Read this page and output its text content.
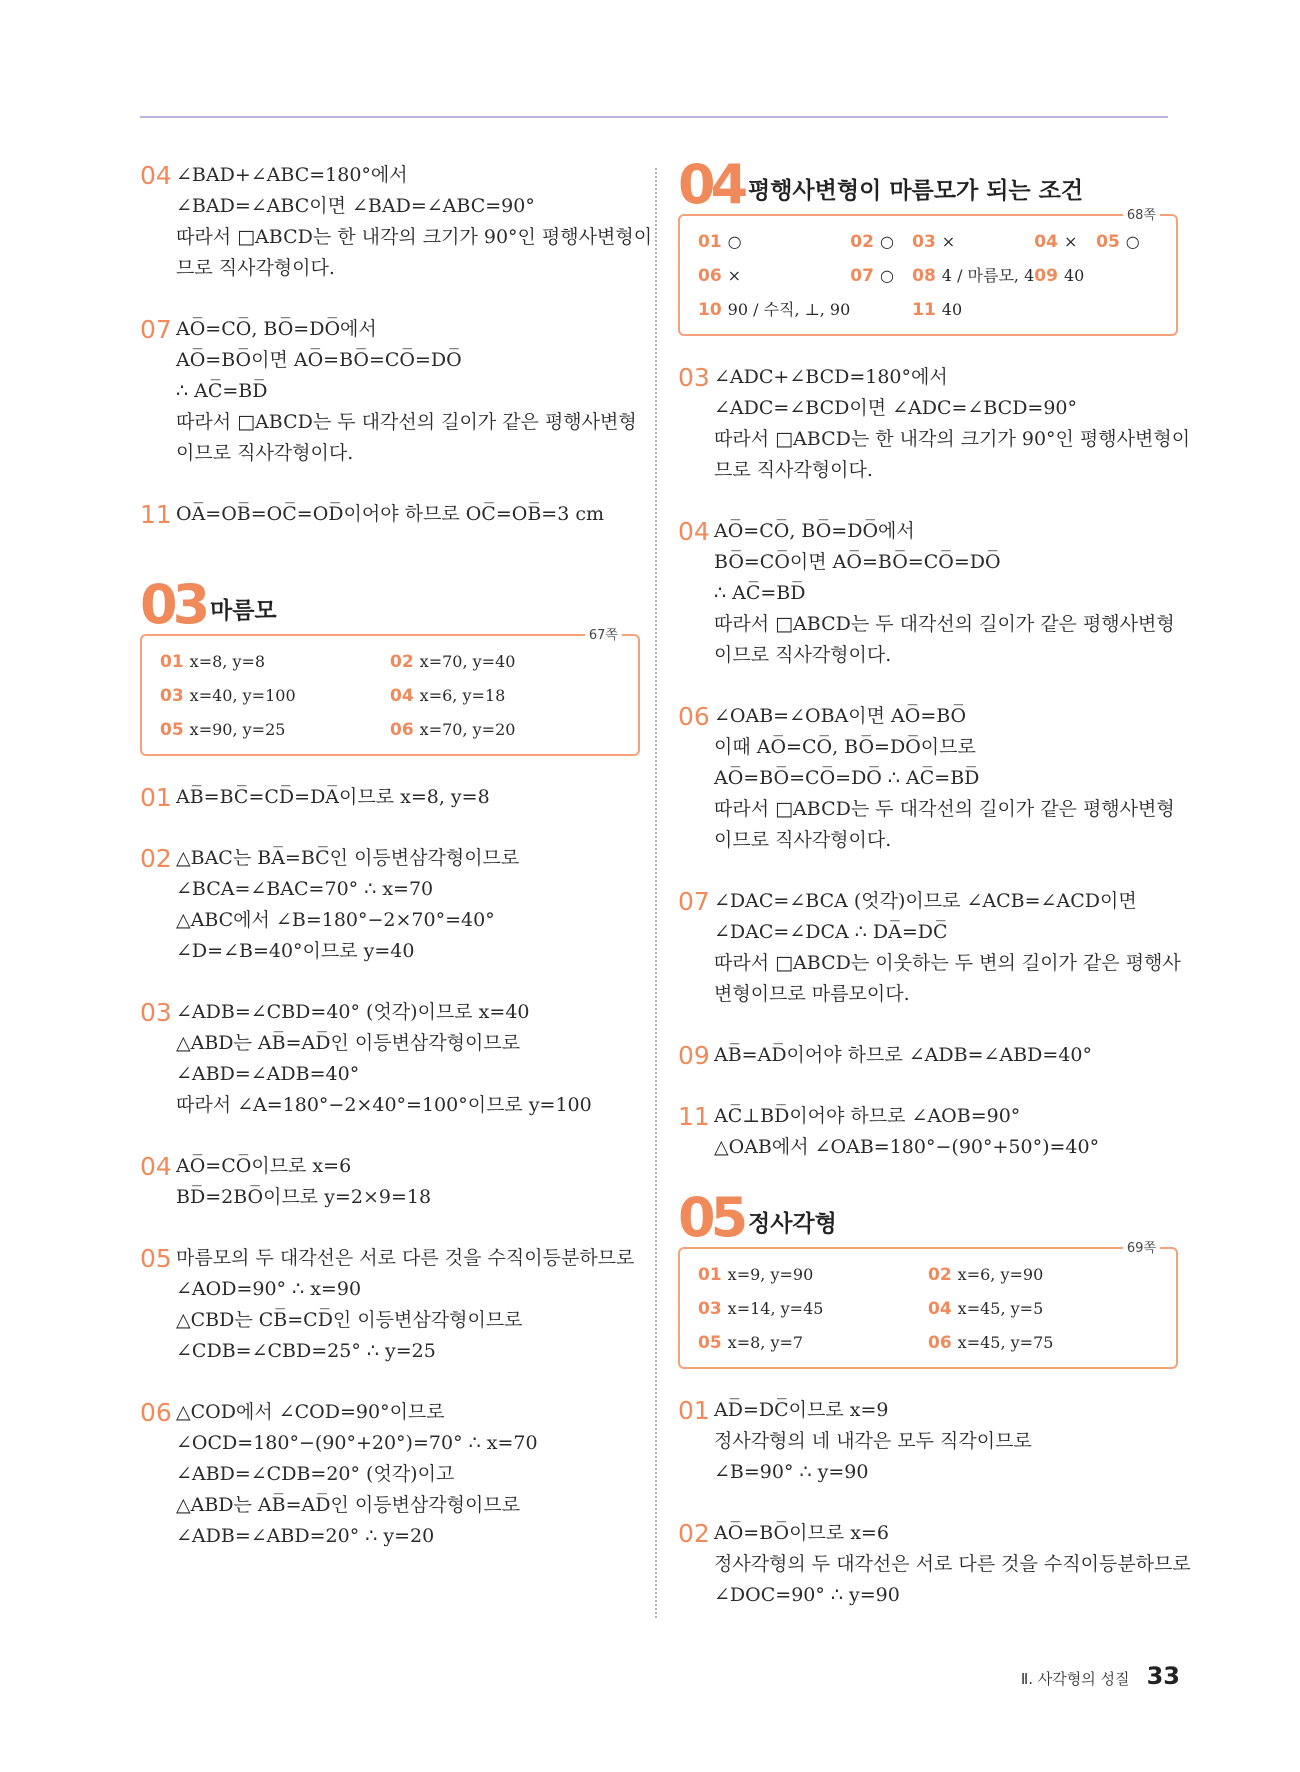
04 ∠BAD+∠ABC=180°에서
∠BAD=∠ABC이면 ∠BAD=∠ABC=90°
따라서 □ABCD는 한 내각의 크기가 90°인 평행사변형이
므로 직사각형이다.
07 AO̅=CO̅, BO̅=DO̅에서
AO̅=BO̅이면 AO̅=BO̅=CO̅=DO̅
∴ AC̅=BD̅
따라서 □ABCD는 두 대각선의 길이가 같은 평행사변형
이므로 직사각형이다.
11 OA̅=OB̅=OC̅=OD̅이어야 하므로 OC̅=OB̅=3 cm
03 마름모
67쪽
01 x=8, y=8	02 x=70, y=40
03 x=40, y=100	04 x=6, y=18
05 x=90, y=25	06 x=70, y=20
01 AB̅=BC̅=CD̅=DA̅이므로 x=8, y=8
02 △BAC는 BA̅=BC̅인 이등변삼각형이므로
∠BCA=∠BAC=70° ∴ x=70
△ABC에서 ∠B=180°−2×70°=40°
∠D=∠B=40°이므로 y=40
03 ∠ADB=∠CBD=40° (엇각)이므로 x=40
△ABD는 AB̅=AD̅인 이등변삼각형이므로
∠ABD=∠ADB=40°
따라서 ∠A=180°−2×40°=100°이므로 y=100
04 AO̅=CO̅이므로 x=6
BD̅=2BO̅이므로 y=2×9=18
05 마름모의 두 대각선은 서로 다른 것을 수직이등분하므로
∠AOD=90° ∴ x=90
△CBD는 CB̅=CD̅인 이등변삼각형이므로
∠CDB=∠CBD=25° ∴ y=25
06 △COD에서 ∠COD=90°이므로
∠OCD=180°−(90°+20°)=70° ∴ x=70
∠ABD=∠CDB=20° (엇각)이고
△ABD는 AB̅=AD̅인 이등변삼각형이므로
∠ADB=∠ABD=20° ∴ y=20
04 평행사변형이 마름모가 되는 조건
68쪽
01 ○	02 ○	03 ×	04 ×	05 ○
06 ×	07 ○	08 4 / 마름모, 4 09 40
10 90 / 수직, ⊥, 90	11 40
03 ∠ADC+∠BCD=180°에서
∠ADC=∠BCD이면 ∠ADC=∠BCD=90°
따라서 □ABCD는 한 내각의 크기가 90°인 평행사변형이
므로 직사각형이다.
04 AO̅=CO̅, BO̅=DO̅에서
BO̅=CO̅이면 AO̅=BO̅=CO̅=DO̅
∴ AC̅=BD̅
따라서 □ABCD는 두 대각선의 길이가 같은 평행사변형
이므로 직사각형이다.
06 ∠OAB=∠OBA이면 AO̅=BO̅
이때 AO̅=CO̅, BO̅=DO̅이므로
AO̅=BO̅=CO̅=DO̅ ∴ AC̅=BD̅
따라서 □ABCD는 두 대각선의 길이가 같은 평행사변형
이므로 직사각형이다.
07 ∠DAC=∠BCA (엇각)이므로 ∠ACB=∠ACD이면
∠DAC=∠DCA ∴ DA̅=DC̅
따라서 □ABCD는 이웃하는 두 변의 길이가 같은 평행사
변형이므로 마름모이다.
09 AB̅=AD̅이어야 하므로 ∠ADB=∠ABD=40°
11 AC̅⊥BD̅이어야 하므로 ∠AOB=90°
△OAB에서 ∠OAB=180°−(90°+50°)=40°
05 정사각형
69쪽
01 x=9, y=90	02 x=6, y=90
03 x=14, y=45	04 x=45, y=5
05 x=8, y=7	06 x=45, y=75
01 AD̅=DC̅이므로 x=9
정사각형의 네 내각은 모두 직각이므로
∠B=90° ∴ y=90
02 AO̅=BO̅이므로 x=6
정사각형의 두 대각선은 서로 다른 것을 수직이등분하므로
∠DOC=90° ∴ y=90
Ⅱ. 사각형의 성질 33
